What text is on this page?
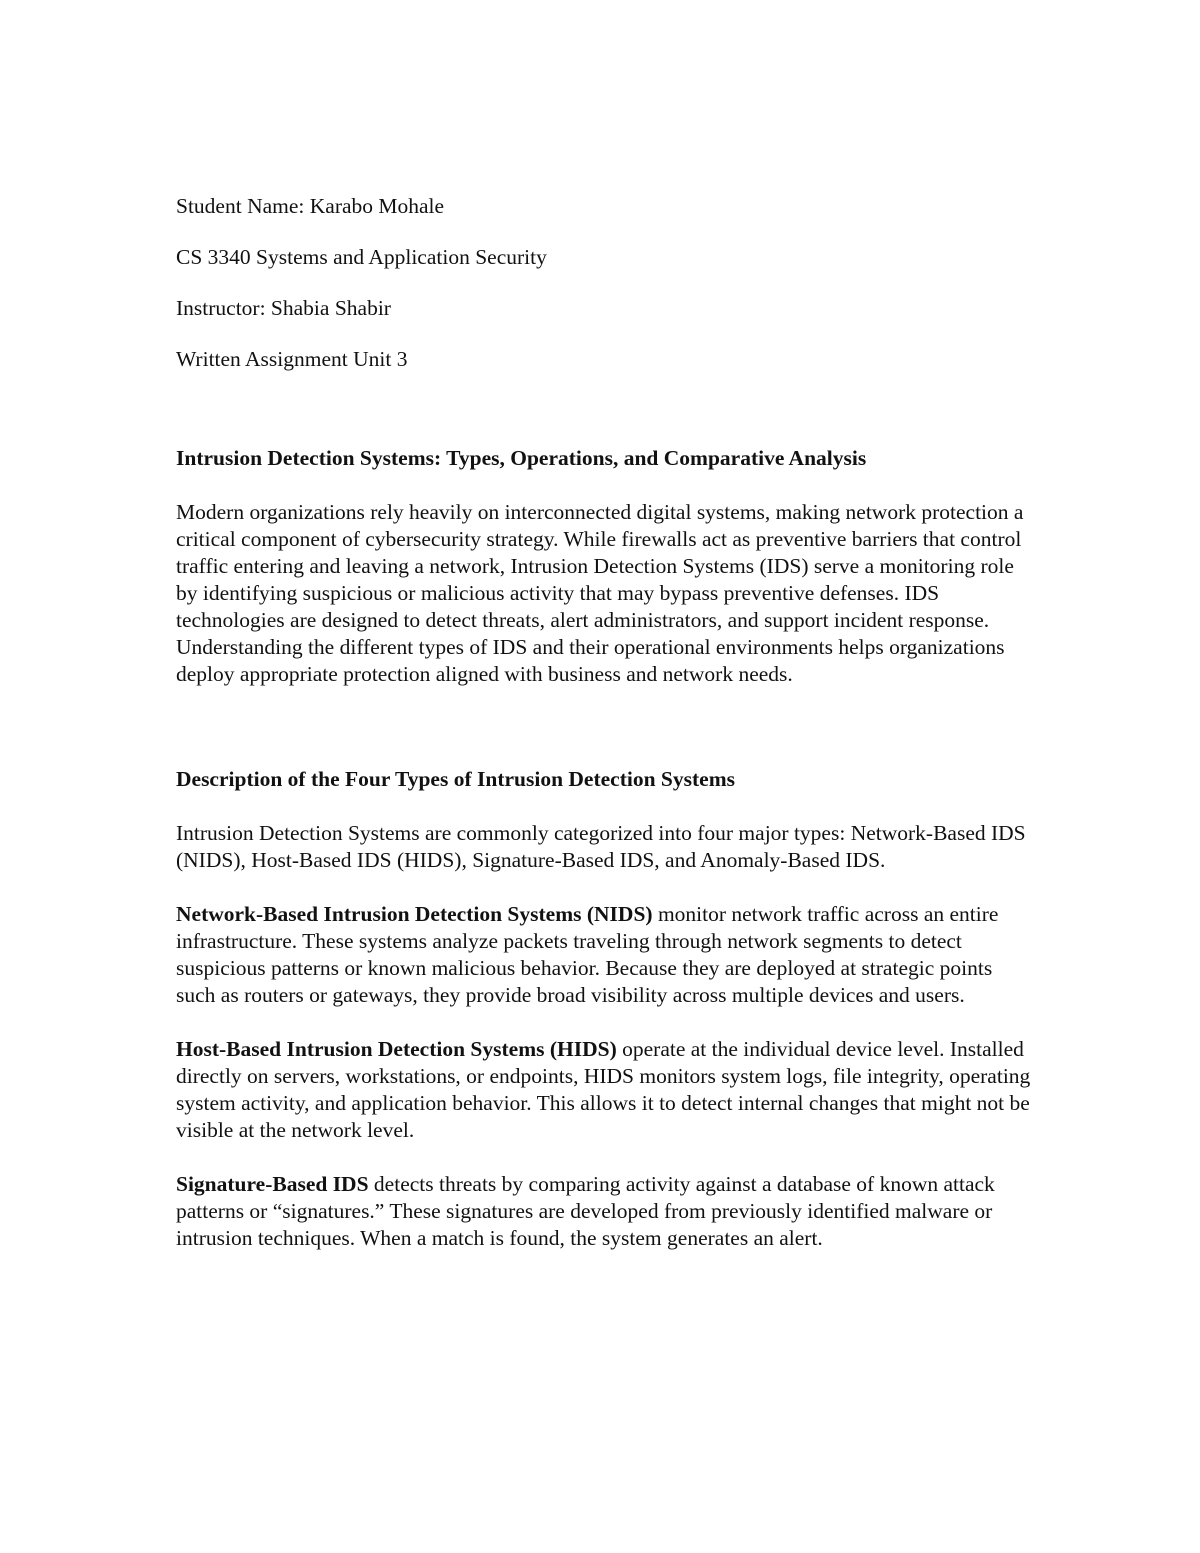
Student Name: Karabo Mohale

CS 3340 Systems and Application Security

Instructor: Shabia Shabir

Written Assignment Unit 3

Intrusion Detection Systems: Types, Operations, and Comparative Analysis

Modern organizations rely heavily on interconnected digital systems, making network protection a critical component of cybersecurity strategy. While firewalls act as preventive barriers that control traffic entering and leaving a network, Intrusion Detection Systems (IDS) serve a monitoring role by identifying suspicious or malicious activity that may bypass preventive defenses. IDS technologies are designed to detect threats, alert administrators, and support incident response. Understanding the different types of IDS and their operational environments helps organizations deploy appropriate protection aligned with business and network needs.

Description of the Four Types of Intrusion Detection Systems

Intrusion Detection Systems are commonly categorized into four major types: Network-Based IDS (NIDS), Host-Based IDS (HIDS), Signature-Based IDS, and Anomaly-Based IDS.

Network-Based Intrusion Detection Systems (NIDS) monitor network traffic across an entire infrastructure. These systems analyze packets traveling through network segments to detect suspicious patterns or known malicious behavior. Because they are deployed at strategic points such as routers or gateways, they provide broad visibility across multiple devices and users.

Host-Based Intrusion Detection Systems (HIDS) operate at the individual device level. Installed directly on servers, workstations, or endpoints, HIDS monitors system logs, file integrity, operating system activity, and application behavior. This allows it to detect internal changes that might not be visible at the network level.

Signature-Based IDS detects threats by comparing activity against a database of known attack patterns or “signatures.” These signatures are developed from previously identified malware or intrusion techniques. When a match is found, the system generates an alert.
